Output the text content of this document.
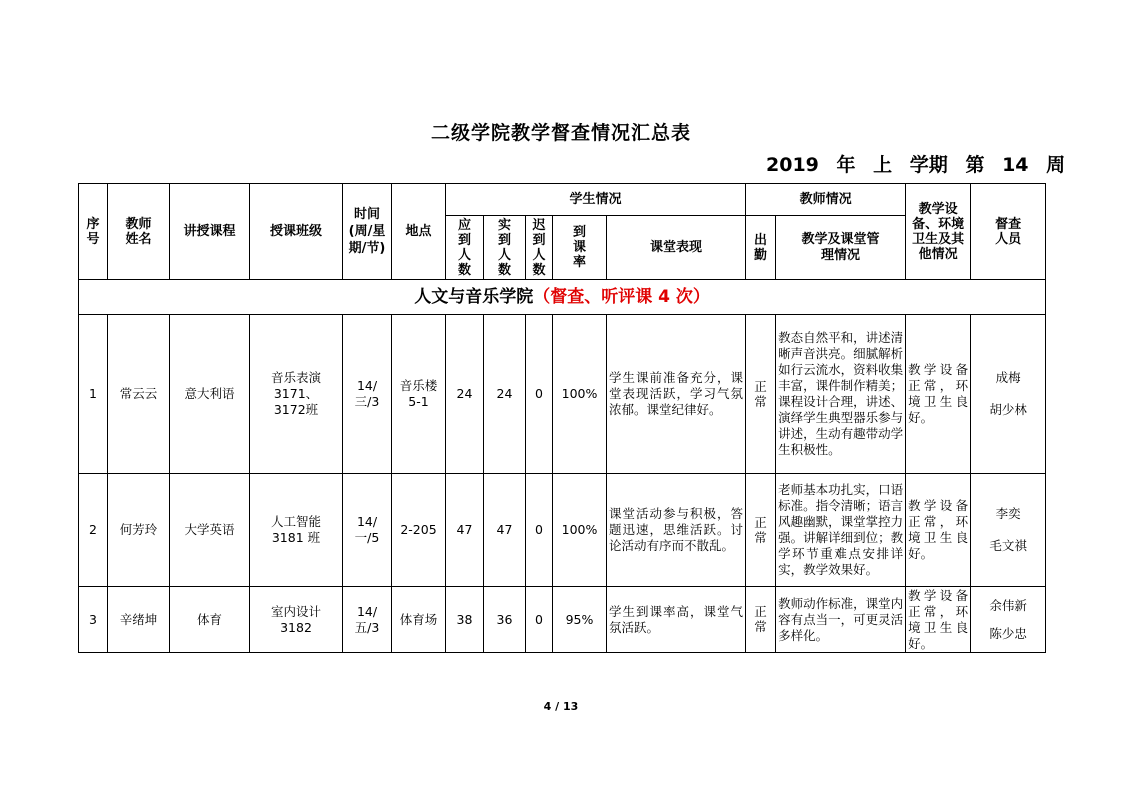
二级学院教学督查情况汇总表
2019 年 上 学期 第 14 周
序号	教师姓名	讲授课程	授课班级	时间(周/星期/节)	地点	学生情况					教师情况		教学设备、环境卫生及其他情况	督查人员
						应到人数	实到人数	迟到人数	到课率	课堂表现	出勤	教学及课堂管理情况		
人文与音乐学院（督查、听评课 4 次）														
1	常云云	意大利语	音乐表演3171、3172班	14/三/3	音乐楼 5-1	24	24	0	100%	学生课前准备充分，课堂表现活跃，学习气氛浓郁。课堂纪律好。	正常	教态自然平和，讲述清晰声音洪亮。细腻解析如行云流水，资料收集丰富，课件制作精美；课程设计合理，讲述、演绎学生典型器乐参与讲述，生动有趣带动学生积极性。	教学设备正常，环境卫生良好。	成梅
胡少林

2	何芳玲	大学英语	人工智能3181 班	14/一/5	2-205	47	47	0	100%	课堂活动参与积极，答题迅速，思维活跃。讨论活动有序而不散乱。	正常	老师基本功扎实，口语标准。指令清晰；语言风趣幽默，课堂掌控力强。讲解详细到位；教学环节重难点安排详实，教学效果好。	教学设备正常，环境卫生良好。	李奕
毛文祺

3	辛绪坤	体育	室内设计3182	14/五/3	体育场	38	36	0	95%	学生到课率高，课堂气氛活跃。	正常	教师动作标准，课堂内容有点当一，可更灵活多样化。	教学设备正常，环境卫生良好。	余伟新
陈少忠
4 / 13
